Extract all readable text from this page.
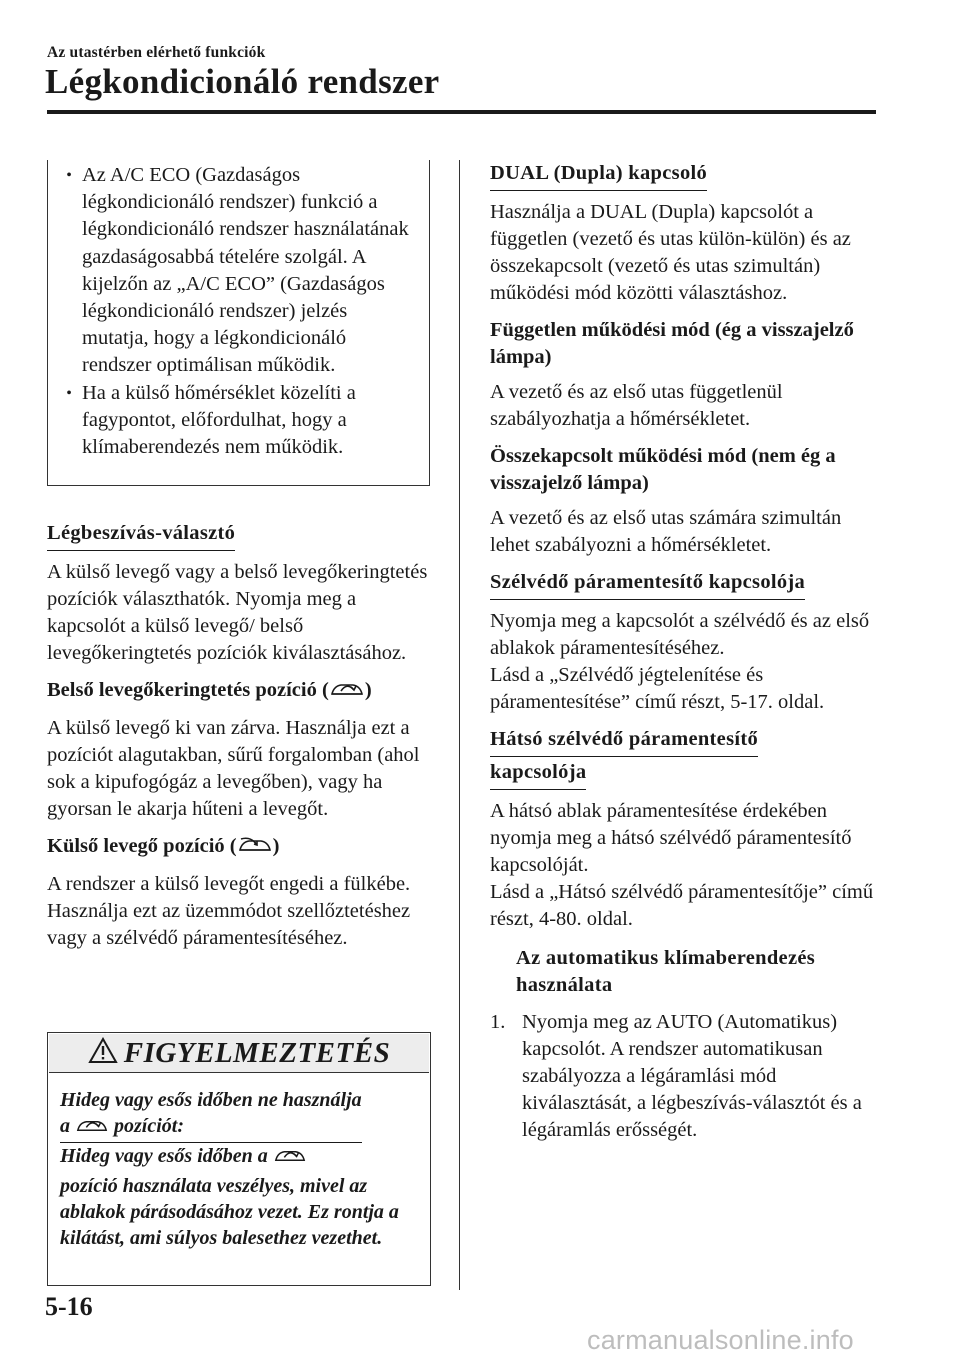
Az utastérben elérhető funkciók
Légkondicionáló rendszer
• Az A/C ECO (Gazdaságos légkondicionáló rendszer) funkció a légkondicionáló rendszer használatának gazdaságosabbá tételére szolgál. A kijelzőn az „A/C ECO” (Gazdaságos légkondicionáló rendszer) jelzés mutatja, hogy a légkondicionáló rendszer optimálisan működik.
• Ha a külső hőmérséklet közelíti a fagypontot, előfordulhat, hogy a klímaberendezés nem működik.
Légbeszívás-választó

A külső levegő vagy a belső levegőkeringtetés pozíciók választhatók. Nyomja meg a kapcsolót a külső levegő/ belső levegőkeringtetés pozíciók kiválasztásához.

Belső levegőkeringtetés pozíció ( )

A külső levegő ki van zárva. Használja ezt a pozíciót alagutakban, sűrű forgalomban (ahol sok a kipufogógáz a levegőben), vagy ha gyorsan le akarja hűteni a levegőt.

Külső levegő pozíció ( )

A rendszer a külső levegőt engedi a fülkébe. Használja ezt az üzemmódot szellőztetéshez vagy a szélvédő páramentesítéséhez.

FIGYELMEZTETÉS
Hideg vagy esős időben ne használja
a pozíciót:
Hideg vagy esős időben a
pozíció használata veszélyes, mivel az ablakok párásodásához vezet. Ez rontja a kilátást, ami súlyos balesethez vezethet.
DUAL (Dupla) kapcsoló

Használja a DUAL (Dupla) kapcsolót a független (vezető és utas külön-külön) és az összekapcsolt (vezető és utas szimultán) működési mód közötti választáshoz.

Független működési mód (ég a visszajelző lámpa)

A vezető és az első utas függetlenül szabályozhatja a hőmérsékletet.

Összekapcsolt működési mód (nem ég a visszajelző lámpa)

A vezető és az első utas számára szimultán lehet szabályozni a hőmérsékletet.

Szélvédő páramentesítő kapcsolója

Nyomja meg a kapcsolót a szélvédő és az első ablakok páramentesítéséhez.

Lásd a „Szélvédő jégtelenítése és páramentesítése” című részt, 5-17. oldal.

Hátsó szélvédő páramentesítő
kapcsolója

A hátsó ablak páramentesítése érdekében nyomja meg a hátsó szélvédő páramentesítő kapcsolóját.

Lásd a „Hátsó szélvédő páramentesítője” című részt, 4-80. oldal.

Az automatikus klímaberendezés használata

1. Nyomja meg az AUTO (Automatikus) kapcsolót. A rendszer automatikusan szabályozza a légáramlási mód kiválasztását, a légbeszívás-választót és a légáramlás erősségét.
5-16
carmanualsonline.info
